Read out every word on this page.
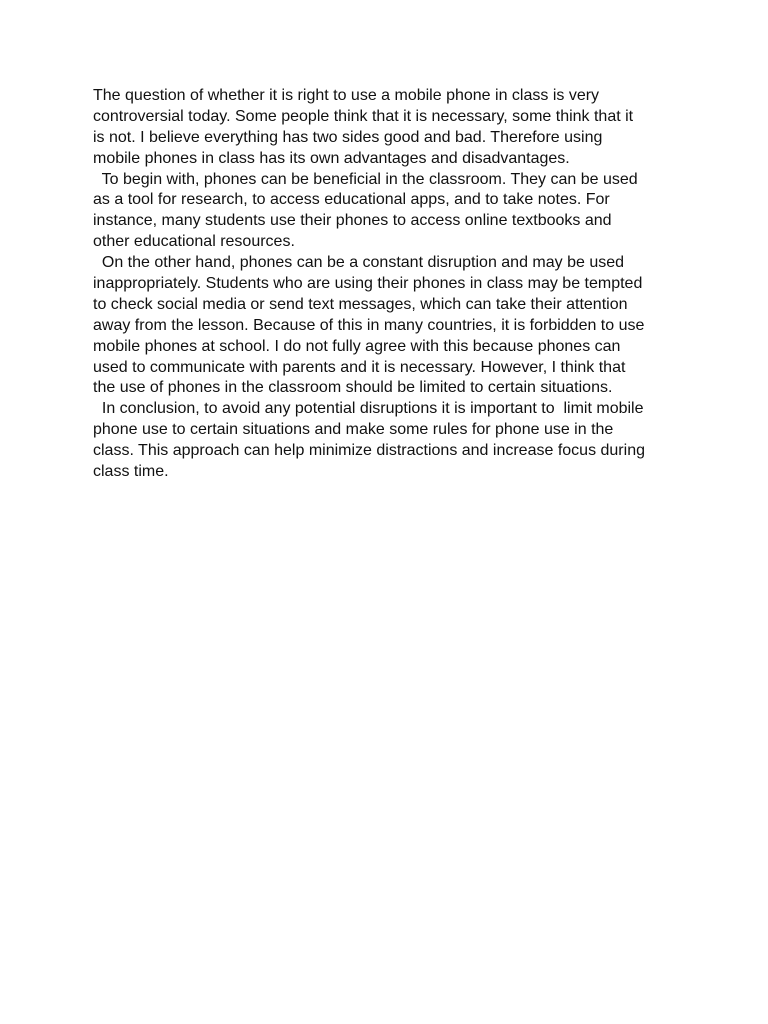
The question of whether it is right to use a mobile phone in class is very
controversial today. Some people think that it is necessary, some think that it
is not. I believe everything has two sides good and bad. Therefore using
mobile phones in class has its own advantages and disadvantages.
To begin with, phones can be beneficial in the classroom. They can be used
as a tool for research, to access educational apps, and to take notes. For
instance, many students use their phones to access online textbooks and
other educational resources.
On the other hand, phones can be a constant disruption and may be used
inappropriately. Students who are using their phones in class may be tempted
to check social media or send text messages, which can take their attention
away from the lesson. Because of this in many countries, it is forbidden to use
mobile phones at school. I do not fully agree with this because phones can
used to communicate with parents and it is necessary. However, I think that
the use of phones in the classroom should be limited to certain situations.
In conclusion, to avoid any potential disruptions it is important to  limit mobile
phone use to certain situations and make some rules for phone use in the
class. This approach can help minimize distractions and increase focus during
class time.
